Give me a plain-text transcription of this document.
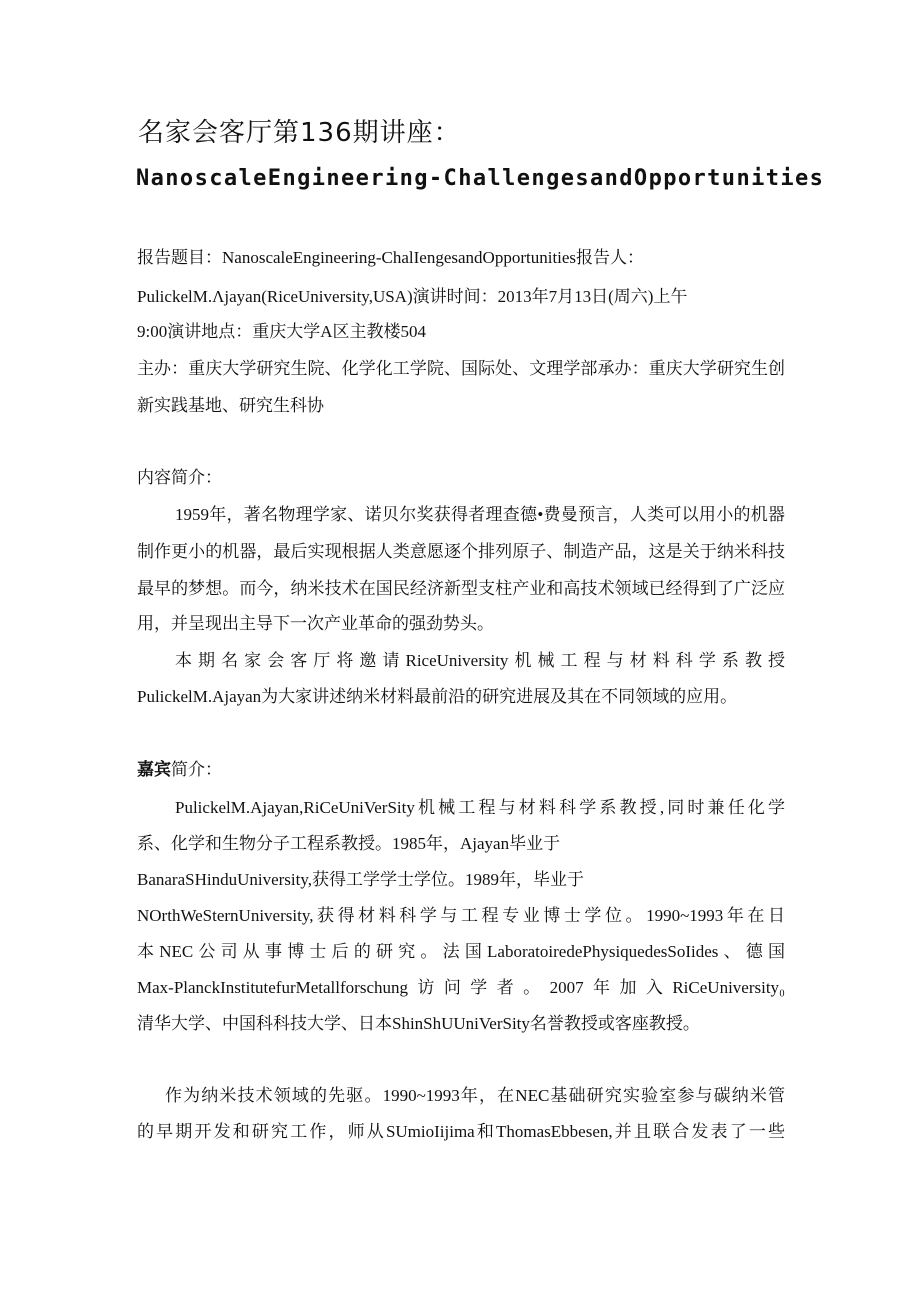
名家会客厅第136期讲座：
NanoscaleEngineering-ChallengesandOpportunities
报告题目：NanoscaleEngineering-ChalIengesandOpportunities报告人：
PulickelM.Λjayan(RiceUniversity,USA)演讲时间：2013年7月13日(周六)上午
9:00演讲地点：重庆大学A区主教楼504
主办：重庆大学研究生院、化学化工学院、国际处、文理学部承办：重庆大学研究生创
新实践基地、研究生科协
内容简介：
1959年，著名物理学家、诺贝尔奖获得者理查德•费曼预言，人类可以用小的机器
制作更小的机器，最后实现根据人类意愿逐个排列原子、制造产品，这是关于纳米科技
最早的梦想。而今，纳米技术在国民经济新型支柱产业和高技术领域已经得到了广泛应
用，并呈现出主导下一次产业革命的强劲势头。
本期名家会客厅将邀请RiceUniversity机械工程与材料科学系教授
PulickelM.Ajayan为大家讲述纳米材料最前沿的研究进展及其在不同领域的应用。
嘉宾简介：
PulickelM.Ajayan,RiCeUniVerSity机械工程与材料科学系教授,同时兼任化学
系、化学和生物分子工程系教授。1985年，Ajayan毕业于
BanaraSHinduUniversity,获得工学学士学位。1989年，毕业于
NOrthWeSternUniversity,获得材料科学与工程专业博士学位。1990~1993年在日
本NEC公司从事博士后的研究。法国LaboratoiredePhysiquedesSoIides、德国
Max-PlanckInstitutefurMetallforschung访问学者。2007年加入RiCeUniversity₀
清华大学、中国科科技大学、日本ShinShUUniVerSity名誉教授或客座教授。
作为纳米技术领域的先驱。1990~1993年，在NEC基础研究实验室参与碳纳米管
的早期开发和研究工作，师从SUmioIijima和ThomasEbbesen,并且联合发表了一些
